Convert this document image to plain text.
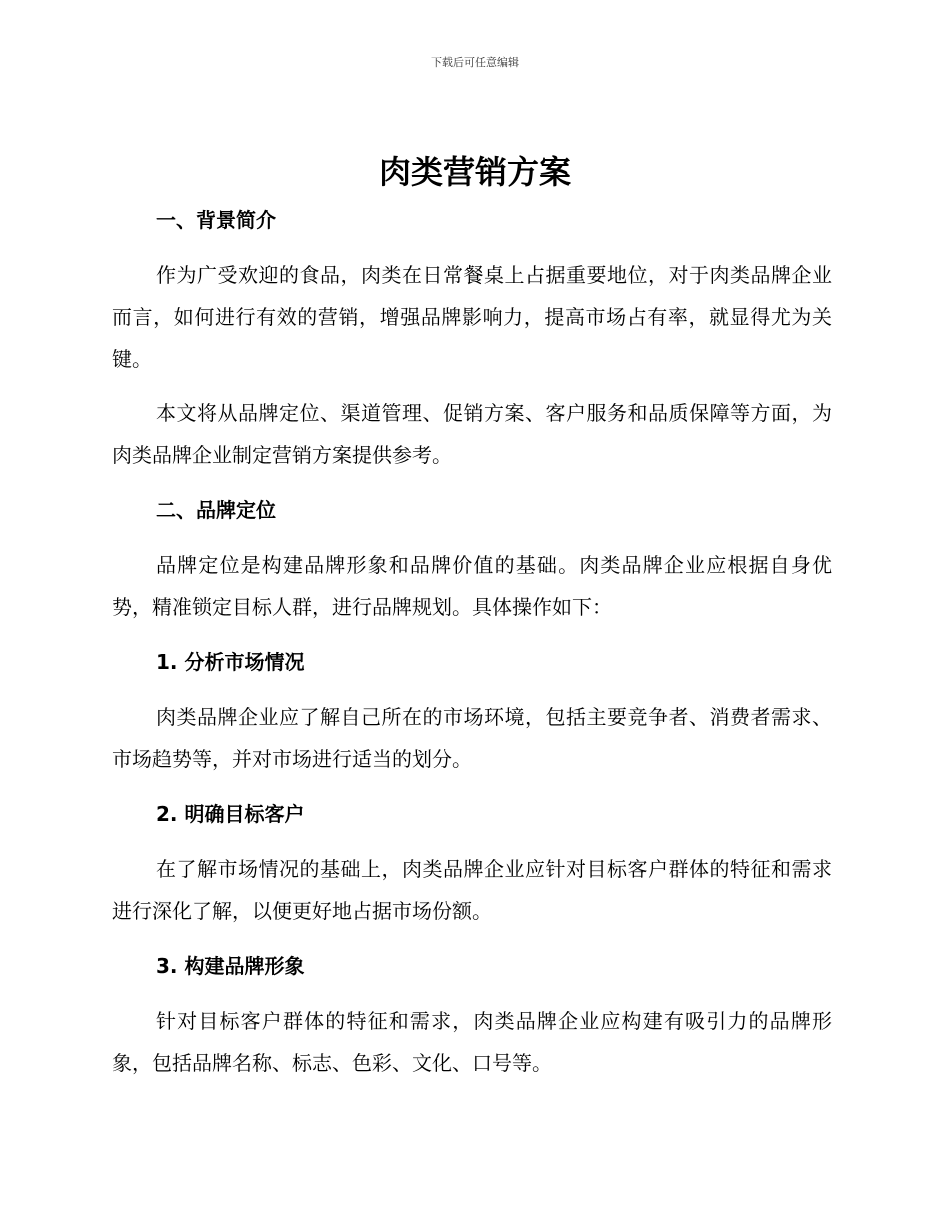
下载后可任意编辑
肉类营销方案
一、背景简介

作为广受欢迎的食品，肉类在日常餐桌上占据重要地位，对于肉类品牌企业而言，如何进行有效的营销，增强品牌影响力，提高市场占有率，就显得尤为关键。

本文将从品牌定位、渠道管理、促销方案、客户服务和品质保障等方面，为肉类品牌企业制定营销方案提供参考。

二、品牌定位

品牌定位是构建品牌形象和品牌价值的基础。肉类品牌企业应根据自身优势，精准锁定目标人群，进行品牌规划。具体操作如下：

1. 分析市场情况

肉类品牌企业应了解自己所在的市场环境，包括主要竞争者、消费者需求、市场趋势等，并对市场进行适当的划分。

2. 明确目标客户

在了解市场情况的基础上，肉类品牌企业应针对目标客户群体的特征和需求进行深化了解，以便更好地占据市场份额。

3. 构建品牌形象

针对目标客户群体的特征和需求，肉类品牌企业应构建有吸引力的品牌形象，包括品牌名称、标志、色彩、文化、口号等。
